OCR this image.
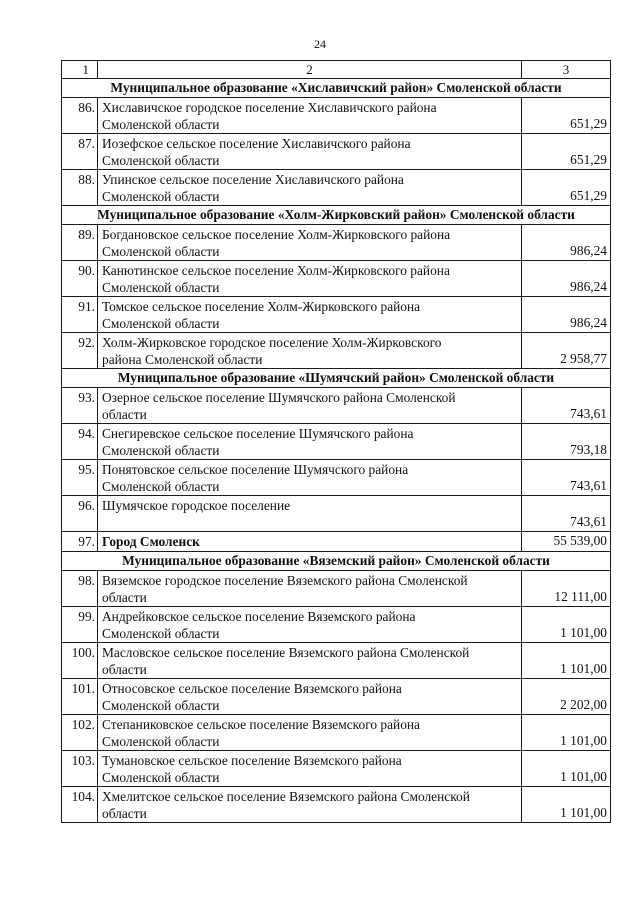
24
1	2	3
Муниципальное образование «Хиславичский район» Смоленской области		
86.	Хиславичское городское поселение Хиславичского района
Смоленской области	651,29
87.	Иозефское сельское поселение Хиславичского района
Смоленской области	651,29
88.	Упинское сельское поселение Хиславичского района
Смоленской области	651,29
Муниципальное образование «Холм-Жирковский район» Смоленской области		
89.	Богдановское сельское поселение Холм-Жирковского района
Смоленской области	986,24
90.	Канютинское сельское поселение Холм-Жирковского района
Смоленской области	986,24
91.	Томское сельское поселение Холм-Жирковского района
Смоленской области	986,24
92.	Холм-Жирковское городское поселение Холм-Жирковского
района Смоленской области	2 958,77
Муниципальное образование «Шумячский район» Смоленской области		
93.	Озерное сельское поселение Шумячского района Смоленской
области	743,61
94.	Снегиревское сельское поселение Шумячского района
Смоленской области	793,18
95.	Понятовское сельское поселение Шумячского района
Смоленской области	743,61
96.	Шумячское городское поселение	743,61
97.	Город Смоленск	55 539,00
Муниципальное образование «Вяземский район» Смоленской области		
98.	Вяземское городское поселение Вяземского района Смоленской
области	12 111,00
99.	Андрейковское сельское поселение Вяземского района
Смоленской области	1 101,00
100.	Масловское сельское поселение Вяземского района Смоленской
области	1 101,00
101.	Относовское сельское поселение Вяземского района
Смоленской области	2 202,00
102.	Степаниковское сельское поселение Вяземского района
Смоленской области	1 101,00
103.	Тумановское сельское поселение Вяземского района
Смоленской области	1 101,00
104.	Хмелитское сельское поселение Вяземского района Смоленской
области	1 101,00
